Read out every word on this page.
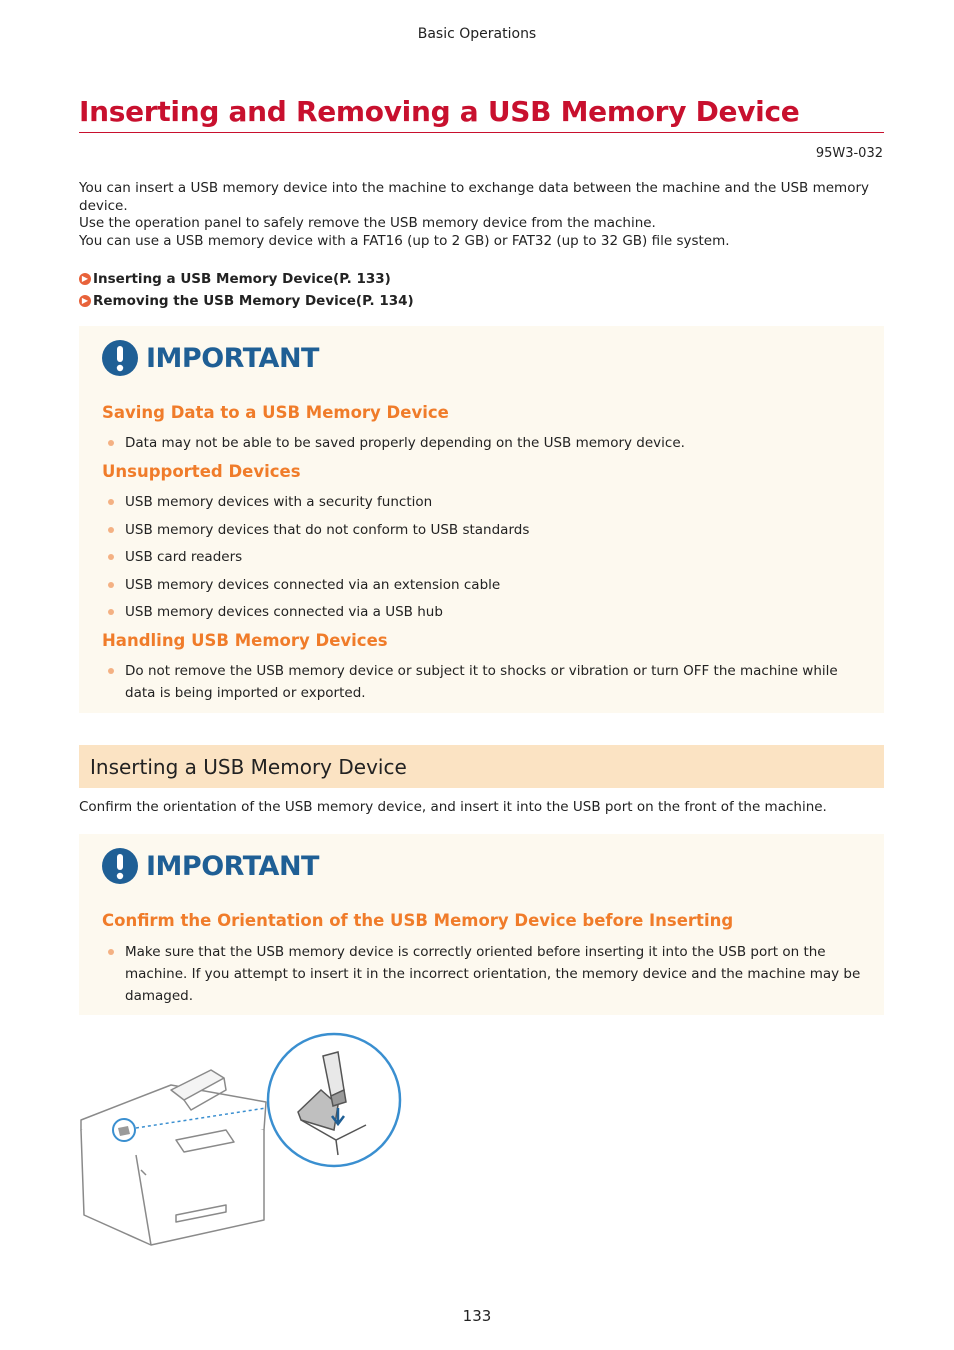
Basic Operations
Inserting and Removing a USB Memory Device
95W3-032

You can insert a USB memory device into the machine to exchange data between the machine and the USB memory device.

Use the operation panel to safely remove the USB memory device from the machine.

You can use a USB memory device with a FAT16 (up to 2 GB) or FAT32 (up to 32 GB) file system.

▶ Inserting a USB Memory Device(P. 133)
▶ Removing the USB Memory Device(P. 134)
IMPORTANT
Saving Data to a USB Memory Device
Data may not be able to be saved properly depending on the USB memory device.
Unsupported Devices
USB memory devices with a security function
USB memory devices that do not conform to USB standards
USB card readers
USB memory devices connected via an extension cable
USB memory devices connected via a USB hub
Handling USB Memory Devices
Do not remove the USB memory device or subject it to shocks or vibration or turn OFF the machine while data is being imported or exported.
Inserting a USB Memory Device
Confirm the orientation of the USB memory device, and insert it into the USB port on the front of the machine.
IMPORTANT
Confirm the Orientation of the USB Memory Device before Inserting
Make sure that the USB memory device is correctly oriented before inserting it into the USB port on the machine. If you attempt to insert it in the incorrect orientation, the memory device and the machine may be damaged.
133
